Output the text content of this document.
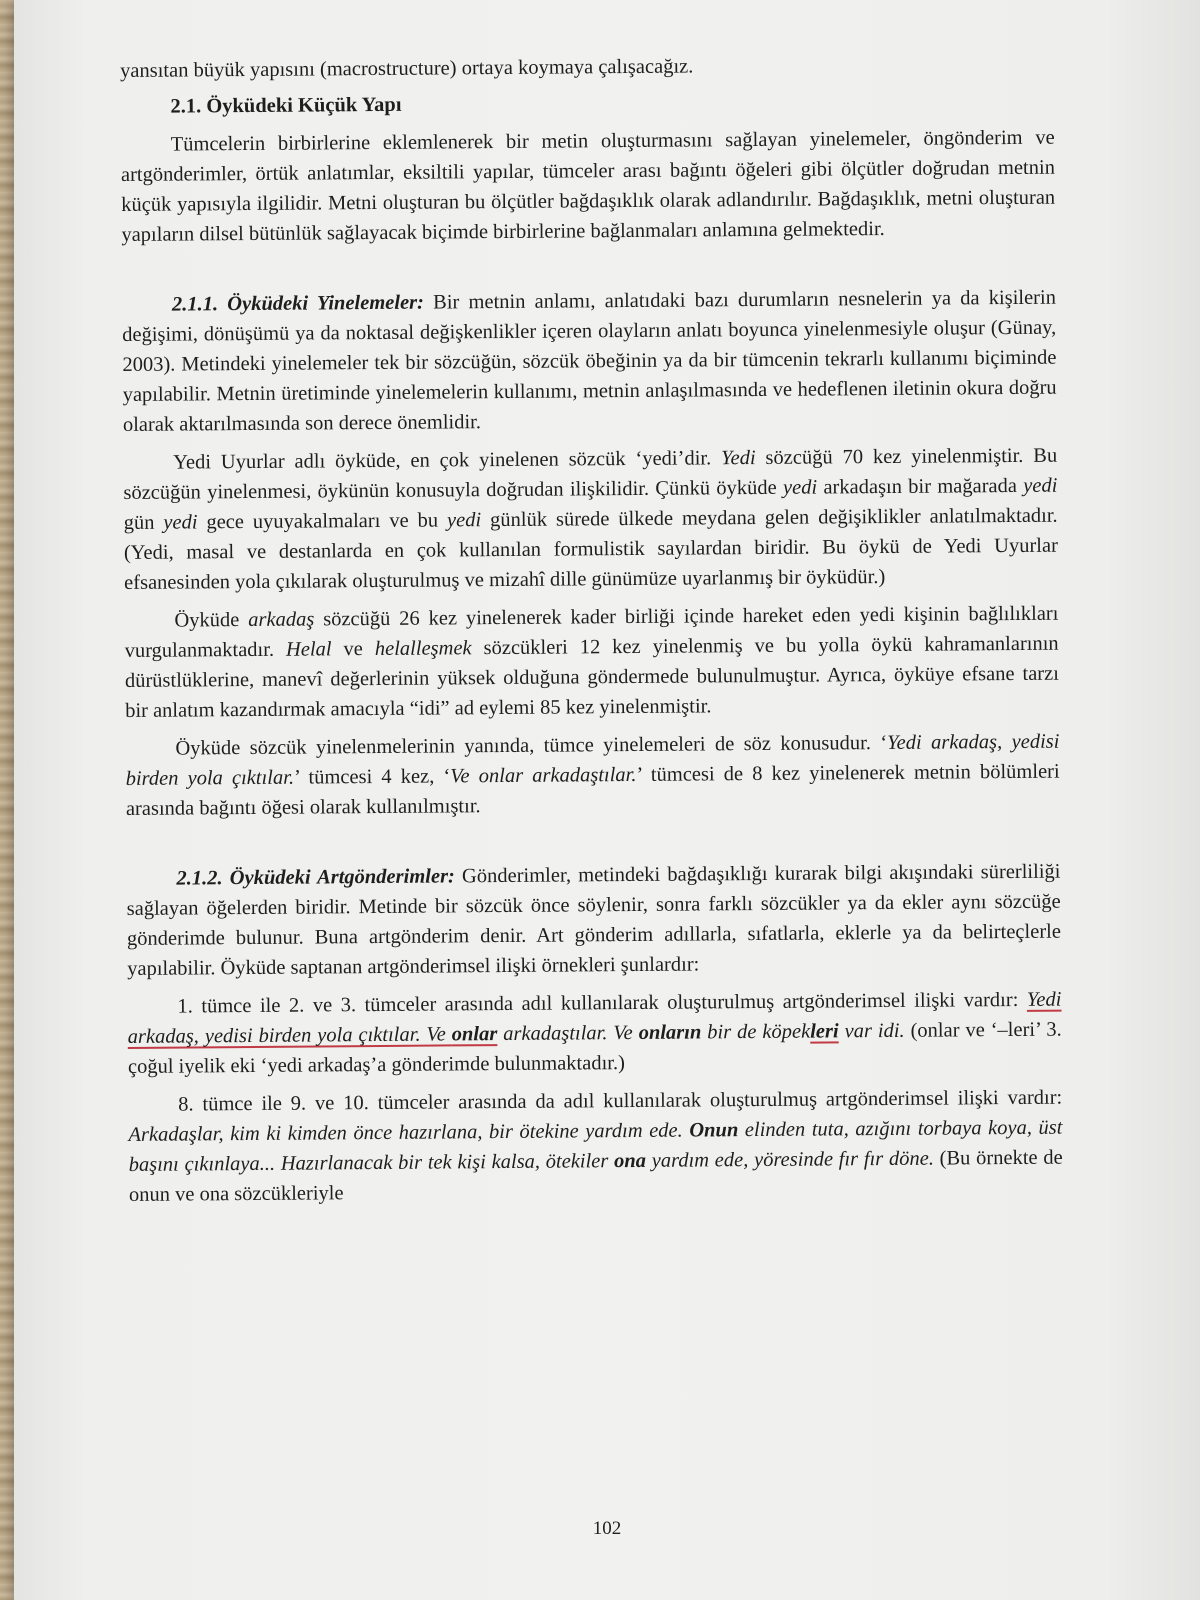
yansıtan büyük yapısını (macrostructure) ortaya koymaya çalışacağız.

2.1. Öyküdeki Küçük Yapı

Tümcelerin birbirlerine eklemlenerek bir metin oluşturmasını sağlayan yinelemeler, öngönderim ve artgönderimler, örtük anlatımlar, eksiltili yapılar, tümceler arası bağıntı öğeleri gibi ölçütler doğrudan metnin küçük yapısıyla ilgilidir. Metni oluşturan bu ölçütler bağdaşıklık olarak adlandırılır. Bağdaşıklık, metni oluşturan yapıların dilsel bütünlük sağlayacak biçimde birbirlerine bağlanmaları anlamına gelmektedir.

2.1.1. Öyküdeki Yinelemeler: Bir metnin anlamı, anlatıdaki bazı durumların nesnelerin ya da kişilerin değişimi, dönüşümü ya da noktasal değişkenlikler içeren olayların anlatı boyunca yinelenmesiyle oluşur (Günay, 2003). Metindeki yinelemeler tek bir sözcüğün, sözcük öbeğinin ya da bir tümcenin tekrarlı kullanımı biçiminde yapılabilir. Metnin üretiminde yinelemelerin kullanımı, metnin anlaşılmasında ve hedeflenen iletinin okura doğru olarak aktarılmasında son derece önemlidir.

Yedi Uyurlar adlı öyküde, en çok yinelenen sözcük ‘yedi’dir. Yedi sözcüğü 70 kez yinelenmiştir. Bu sözcüğün yinelenmesi, öykünün konusuyla doğrudan ilişkilidir. Çünkü öyküde yedi arkadaşın bir mağarada yedi gün yedi gece uyuyakalmaları ve bu yedi günlük sürede ülkede meydana gelen değişiklikler anlatılmaktadır. (Yedi, masal ve destanlarda en çok kullanılan formulistik sayılardan biridir. Bu öykü de Yedi Uyurlar efsanesinden yola çıkılarak oluşturulmuş ve mizahî dille günümüze uyarlanmış bir öyküdür.)

Öyküde arkadaş sözcüğü 26 kez yinelenerek kader birliği içinde hareket eden yedi kişinin bağlılıkları vurgulanmaktadır. Helal ve helalleşmek sözcükleri 12 kez yinelenmiş ve bu yolla öykü kahramanlarının dürüstlüklerine, manevî değerlerinin yüksek olduğuna göndermede bulunulmuştur. Ayrıca, öyküye efsane tarzı bir anlatım kazandırmak amacıyla “idi” ad eylemi 85 kez yinelenmiştir.

Öyküde sözcük yinelenmelerinin yanında, tümce yinelemeleri de söz konusudur. ‘Yedi arkadaş, yedisi birden yola çıktılar.’ tümcesi 4 kez, ‘Ve onlar arkadaştılar.’ tümcesi de 8 kez yinelenerek metnin bölümleri arasında bağıntı öğesi olarak kullanılmıştır.

2.1.2. Öyküdeki Artgönderimler: Gönderimler, metindeki bağdaşıklığı kurarak bilgi akışındaki sürerliliği sağlayan öğelerden biridir. Metinde bir sözcük önce söylenir, sonra farklı sözcükler ya da ekler aynı sözcüğe gönderimde bulunur. Buna artgönderim denir. Art gönderim adıllarla, sıfatlarla, eklerle ya da belirteçlerle yapılabilir. Öyküde saptanan artgönderimsel ilişki örnekleri şunlardır:

1. tümce ile 2. ve 3. tümceler arasında adıl kullanılarak oluşturulmuş artgönderimsel ilişki vardır: Yedi arkadaş, yedisi birden yola çıktılar. Ve onlar arkadaştılar. Ve onların bir de köpekleri var idi. (onlar ve ‘–leri’ 3. çoğul iyelik eki ‘yedi arkadaş’a gönderimde bulunmaktadır.)

8. tümce ile 9. ve 10. tümceler arasında da adıl kullanılarak oluşturulmuş artgönderimsel ilişki vardır: Arkadaşlar, kim ki kimden önce hazırlana, bir ötekine yardım ede. Onun elinden tuta, azığını torbaya koya, üst başını çıkınlaya... Hazırlanacak bir tek kişi kalsa, ötekiler ona yardım ede, yöresinde fır fır döne. (Bu örnekte de onun ve ona sözcükleriyle

102
